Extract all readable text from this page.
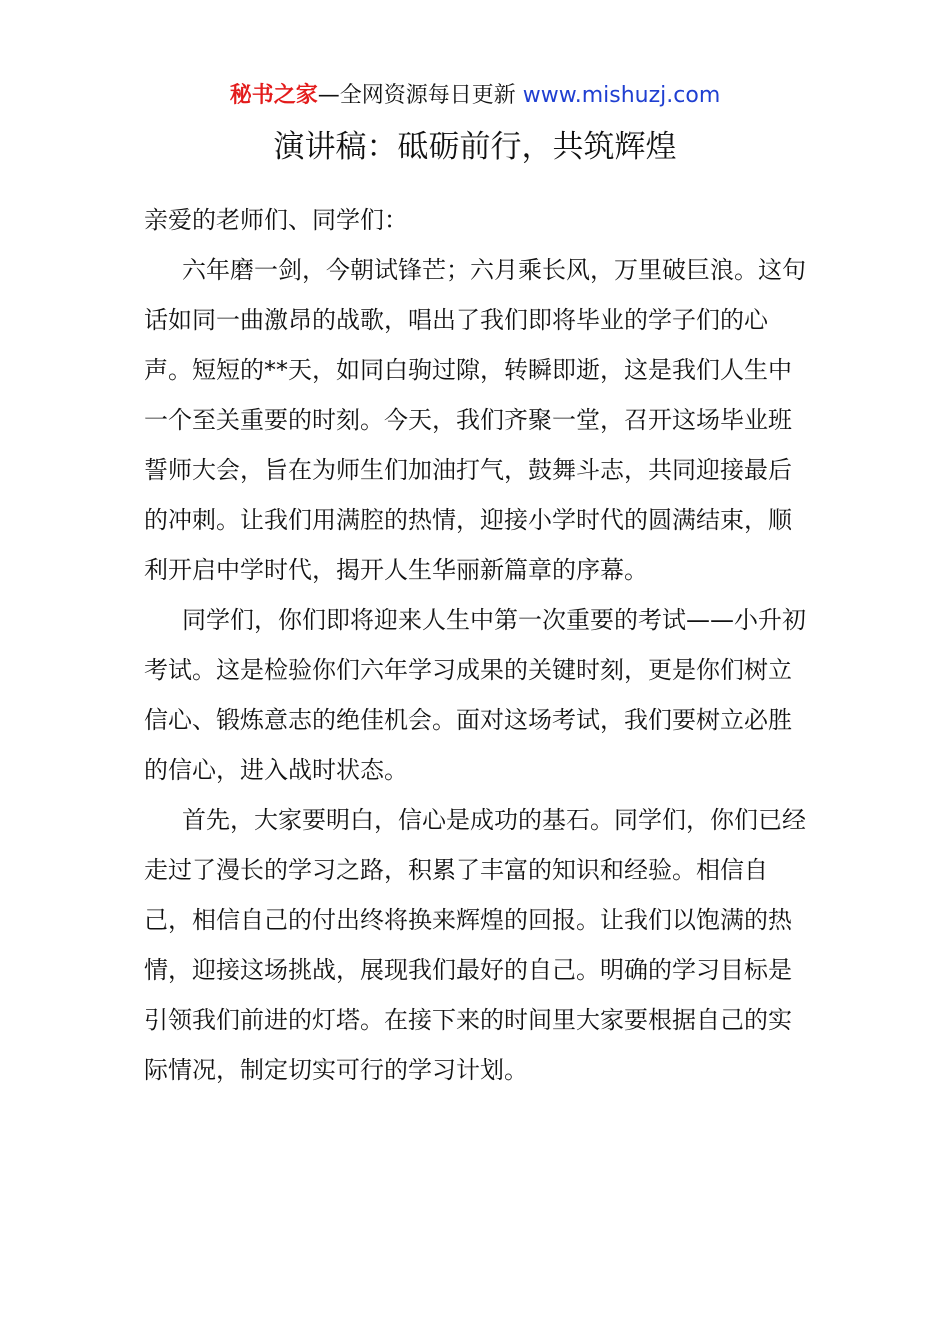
秘书之家—全网资源每日更新 www.mishuzj.com
演讲稿：砥砺前行，共筑辉煌

亲爱的老师们、同学们：

六年磨一剑，今朝试锋芒；六月乘长风，万里破巨浪。这句话如同一曲激昂的战歌，唱出了我们即将毕业的学子们的心声。短短的**天，如同白驹过隙，转瞬即逝，这是我们人生中一个至关重要的时刻。今天，我们齐聚一堂，召开这场毕业班誓师大会，旨在为师生们加油打气，鼓舞斗志，共同迎接最后的冲刺。让我们用满腔的热情，迎接小学时代的圆满结束，顺利开启中学时代，揭开人生华丽新篇章的序幕。

同学们，你们即将迎来人生中第一次重要的考试——小升初考试。这是检验你们六年学习成果的关键时刻，更是你们树立信心、锻炼意志的绝佳机会。面对这场考试，我们要树立必胜的信心，进入战时状态。

首先，大家要明白，信心是成功的基石。同学们，你们已经走过了漫长的学习之路，积累了丰富的知识和经验。相信自己，相信自己的付出终将换来辉煌的回报。让我们以饱满的热情，迎接这场挑战，展现我们最好的自己。明确的学习目标是引领我们前进的灯塔。在接下来的时间里大家要根据自己的实际情况，制定切实可行的学习计划。
